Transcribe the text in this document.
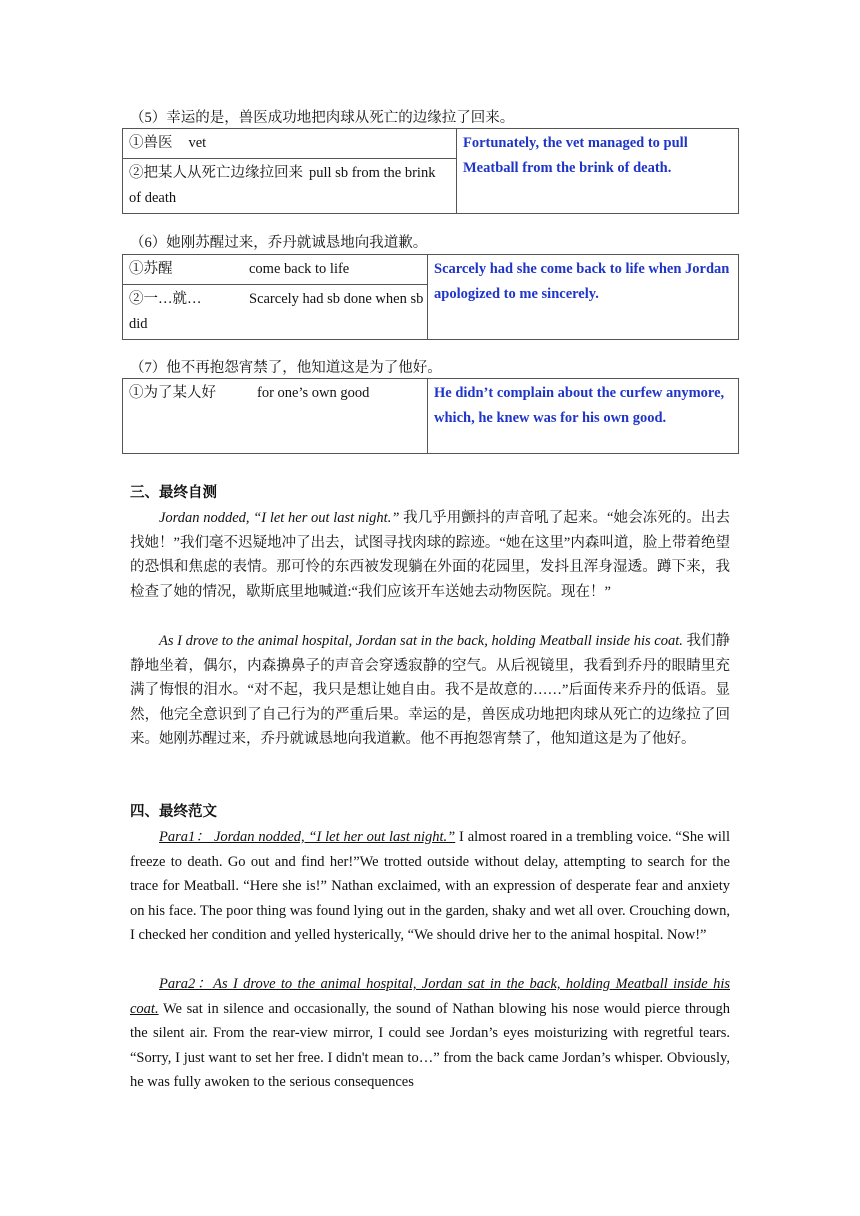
（5）幸运的是，兽医成功地把肉球从死亡的边缘拉了回来。
①兽医 vet	Fortunately, the vet managed to pull Meatball from the brink of death.
②把某人从死亡边缘拉回来 pull sb from the brink of death
（6）她刚苏醒过来，乔丹就诚恳地向我道歉。
①苏醒	come back to life	Scarcely had she come back to life when Jordan apologized to me sincerely.
②一…就…	Scarcely had sb done when sb did
（7）他不再抱怨宵禁了，他知道这是为了他好。
①为了某人好	for one’s own good	He didn’t complain about the curfew anymore, which, he knew was for his own good.
三、最终自测

Jordan nodded, “I let her out last night.” 我几乎用颤抖的声音吼了起来。“她会冻死的。出去找她！”我们毫不迟疑地冲了出去，试图寻找肉球的踪迹。“她在这里”内森叫道，脸上带着绝望的恐惧和焦虑的表情。那可怜的东西被发现躺在外面的花园里，发抖且浑身湿透。蹲下来，我检查了她的情况，歇斯底里地喊道:“我们应该开车送她去动物医院。现在！”

As I drove to the animal hospital, Jordan sat in the back, holding Meatball inside his coat. 我们静静地坐着，偶尔，内森擤鼻子的声音会穿透寂静的空气。从后视镜里，我看到乔丹的眼睛里充满了悔恨的泪水。“对不起，我只是想让她自由。我不是故意的……”后面传来乔丹的低语。显然，他完全意识到了自己行为的严重后果。幸运的是，兽医成功地把肉球从死亡的边缘拉了回来。她刚苏醒过来，乔丹就诚恳地向我道歉。他不再抱怨宵禁了，他知道这是为了他好。

四、最终范文

Para1： Jordan nodded, “I let her out last night.” I almost roared in a trembling voice. “She will freeze to death. Go out and find her!”We trotted outside without delay, attempting to search for the trace for Meatball. “Here she is!” Nathan exclaimed, with an expression of desperate fear and anxiety on his face. The poor thing was found lying out in the garden, shaky and wet all over. Crouching down, I checked her condition and yelled hysterically, “We should drive her to the animal hospital. Now!”

Para2：As I drove to the animal hospital, Jordan sat in the back, holding Meatball inside his coat. We sat in silence and occasionally, the sound of Nathan blowing his nose would pierce through the silent air. From the rear-view mirror, I could see Jordan’s eyes moisturizing with regretful tears. “Sorry, I just want to set her free. I didn't mean to…” from the back came Jordan’s whisper. Obviously, he was fully awoken to the serious consequences
